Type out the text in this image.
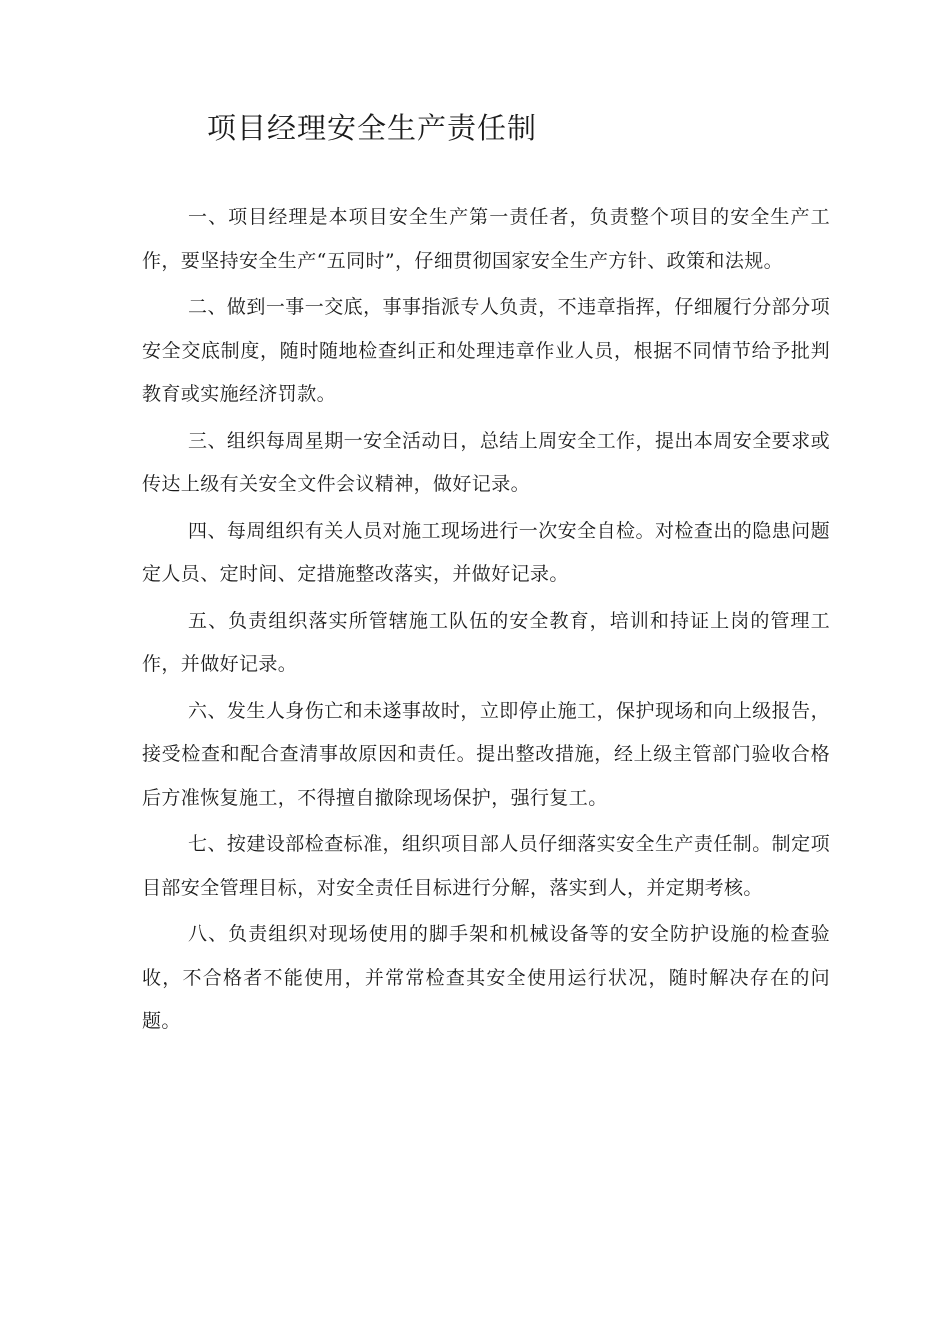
项目经理安全生产责任制

一、项目经理是本项目安全生产第一责任者，负责整个项目的安全生产工作，要坚持安全生产“五同时”，仔细贯彻国家安全生产方针、政策和法规。

二、做到一事一交底，事事指派专人负责，不违章指挥，仔细履行分部分项安全交底制度，随时随地检查纠正和处理违章作业人员，根据不同情节给予批判教育或实施经济罚款。

三、组织每周星期一安全活动日，总结上周安全工作，提出本周安全要求或传达上级有关安全文件会议精神，做好记录。

四、每周组织有关人员对施工现场进行一次安全自检。对检查出的隐患问题定人员、定时间、定措施整改落实，并做好记录。

五、负责组织落实所管辖施工队伍的安全教育，培训和持证上岗的管理工作，并做好记录。

六、发生人身伤亡和未遂事故时，立即停止施工，保护现场和向上级报告，接受检查和配合查清事故原因和责任。提出整改措施，经上级主管部门验收合格后方准恢复施工，不得擅自撤除现场保护，强行复工。

七、按建设部检查标准，组织项目部人员仔细落实安全生产责任制。制定项目部安全管理目标，对安全责任目标进行分解，落实到人，并定期考核。

八、负责组织对现场使用的脚手架和机械设备等的安全防护设施的检查验收，不合格者不能使用，并常常检查其安全使用运行状况，随时解决存在的问题。
